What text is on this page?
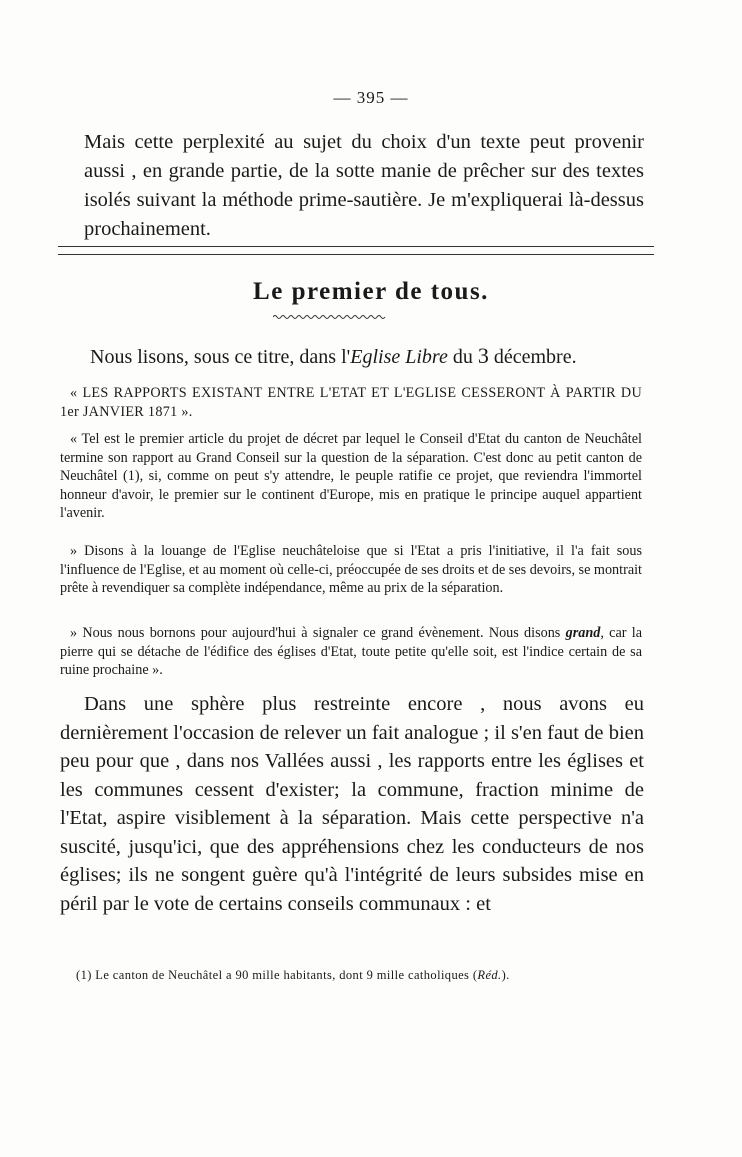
— 395 —

Mais cette perplexité au sujet du choix d'un texte peut provenir aussi , en grande partie, de la sotte manie de prêcher sur des textes isolés suivant la méthode prime-sautière. Je m'expliquerai là-dessus prochainement.

Le premier de tous.
Nous lisons, sous ce titre, dans l'Eglise Libre du 3 décembre.

« LES RAPPORTS EXISTANT ENTRE L'ETAT ET L'EGLISE CESSERONT À PARTIR DU 1er JANVIER 1871 ».

« Tel est le premier article du projet de décret par lequel le Conseil d'Etat du canton de Neuchâtel termine son rapport au Grand Conseil sur la question de la séparation. C'est donc au petit canton de Neuchâtel (1), si, comme on peut s'y attendre, le peuple ratifie ce projet, que reviendra l'immortel honneur d'avoir, le premier sur le continent d'Europe, mis en pratique le principe auquel appartient l'avenir.

» Disons à la louange de l'Eglise neuchâteloise que si l'Etat a pris l'initiative, il l'a fait sous l'influence de l'Eglise, et au moment où celle-ci, préoccupée de ses droits et de ses devoirs, se montrait prête à revendiquer sa complète indépendance, même au prix de la séparation.

» Nous nous bornons pour aujourd'hui à signaler ce grand évènement. Nous disons grand, car la pierre qui se détache de l'édifice des églises d'Etat, toute petite qu'elle soit, est l'indice certain de sa ruine prochaine ».

Dans une sphère plus restreinte encore , nous avons eu dernièrement l'occasion de relever un fait analogue ; il s'en faut de bien peu pour que , dans nos Vallées aussi , les rapports entre les églises et les communes cessent d'exister; la commune, fraction minime de l'Etat, aspire visiblement à la séparation. Mais cette perspective n'a suscité, jusqu'ici, que des appréhensions chez les conducteurs de nos églises; ils ne songent guère qu'à l'intégrité de leurs subsides mise en péril par le vote de certains conseils communaux : et

(1) Le canton de Neuchâtel a 90 mille habitants, dont 9 mille catholiques (Réd.).
